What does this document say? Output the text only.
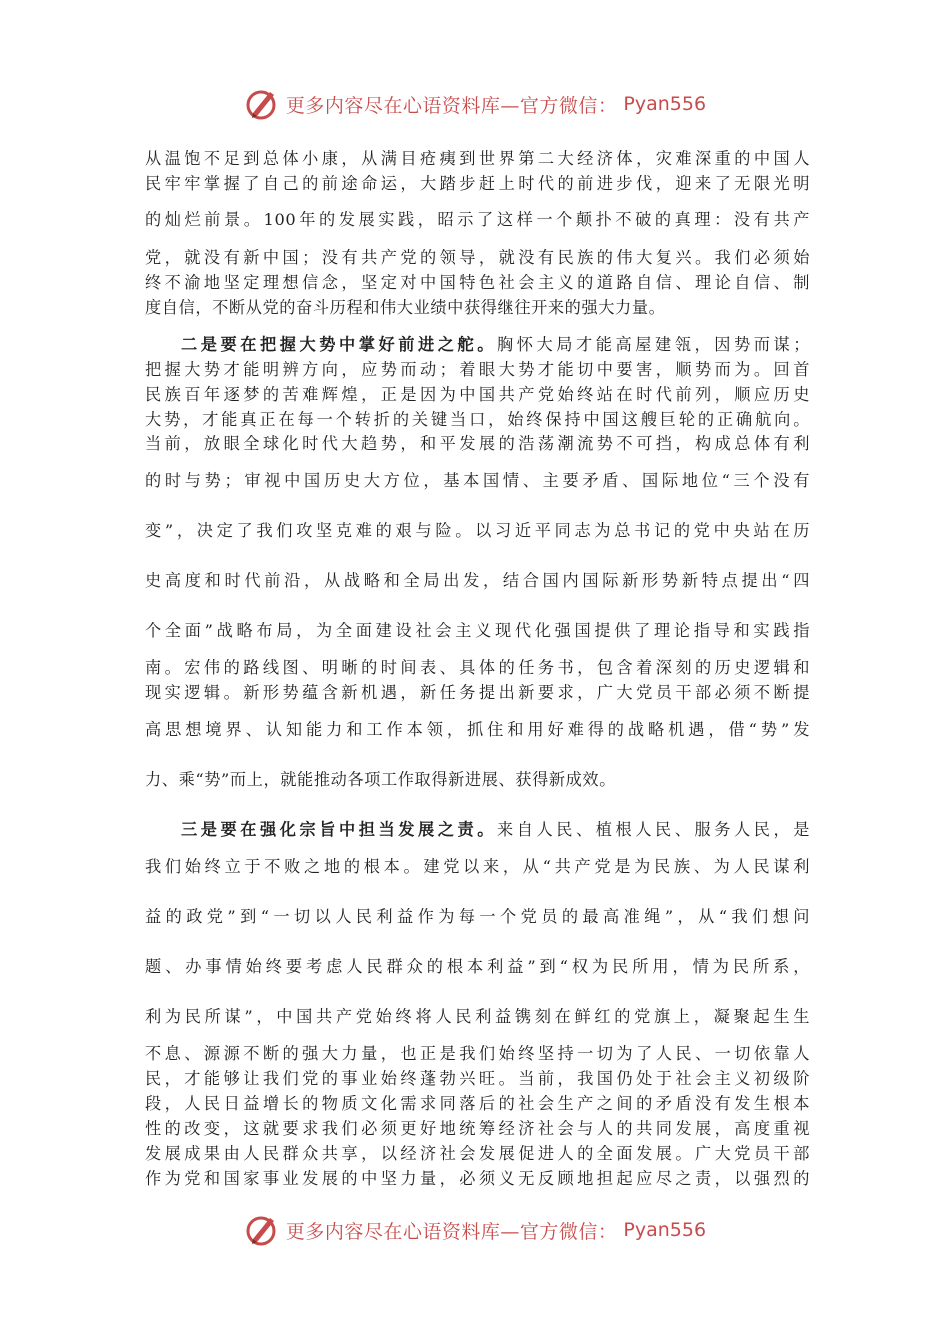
更多内容尽在心语资料库—官方微信： Pyan556
从温饱不足到总体小康，从满目疮痍到世界第二大经济体，灾难深重的中国人
民牢牢掌握了自己的前途命运，大踏步赶上时代的前进步伐，迎来了无限光明
的灿烂前景。100年的发展实践，昭示了这样一个颠扑不破的真理：没有共产
党，就没有新中国；没有共产党的领导，就没有民族的伟大复兴。我们必须始
终不渝地坚定理想信念，坚定对中国特色社会主义的道路自信、理论自信、制
度自信，不断从党的奋斗历程和伟大业绩中获得继往开来的强大力量。
二是要在把握大势中掌好前进之舵。胸怀大局才能高屋建瓴，因势而谋；
把握大势才能明辨方向，应势而动；着眼大势才能切中要害，顺势而为。回首
民族百年逐梦的苦难辉煌，正是因为中国共产党始终站在时代前列，顺应历史
大势，才能真正在每一个转折的关键当口，始终保持中国这艘巨轮的正确航向。
当前，放眼全球化时代大趋势，和平发展的浩荡潮流势不可挡，构成总体有利
的时与势；审视中国历史大方位，基本国情、主要矛盾、国际地位“三个没有
变”，决定了我们攻坚克难的艰与险。以习近平同志为总书记的党中央站在历
史高度和时代前沿，从战略和全局出发，结合国内国际新形势新特点提出“四
个全面”战略布局，为全面建设社会主义现代化强国提供了理论指导和实践指
南。宏伟的路线图、明晰的时间表、具体的任务书，包含着深刻的历史逻辑和
现实逻辑。新形势蕴含新机遇，新任务提出新要求，广大党员干部必须不断提
高思想境界、认知能力和工作本领，抓住和用好难得的战略机遇，借“势”发
力、乘“势”而上，就能推动各项工作取得新进展、获得新成效。
三是要在强化宗旨中担当发展之责。来自人民、植根人民、服务人民，是
我们始终立于不败之地的根本。建党以来，从“共产党是为民族、为人民谋利
益的政党”到“一切以人民利益作为每一个党员的最高准绳”，从“我们想问
题、办事情始终要考虑人民群众的根本利益”到“权为民所用，情为民所系，
利为民所谋”，中国共产党始终将人民利益镌刻在鲜红的党旗上，凝聚起生生
不息、源源不断的强大力量，也正是我们始终坚持一切为了人民、一切依靠人
民，才能够让我们党的事业始终蓬勃兴旺。当前，我国仍处于社会主义初级阶
段，人民日益增长的物质文化需求同落后的社会生产之间的矛盾没有发生根本
性的改变，这就要求我们必须更好地统筹经济社会与人的共同发展，高度重视
发展成果由人民群众共享，以经济社会发展促进人的全面发展。广大党员干部
作为党和国家事业发展的中坚力量，必须义无反顾地担起应尽之责，以强烈的
更多内容尽在心语资料库—官方微信： Pyan556
